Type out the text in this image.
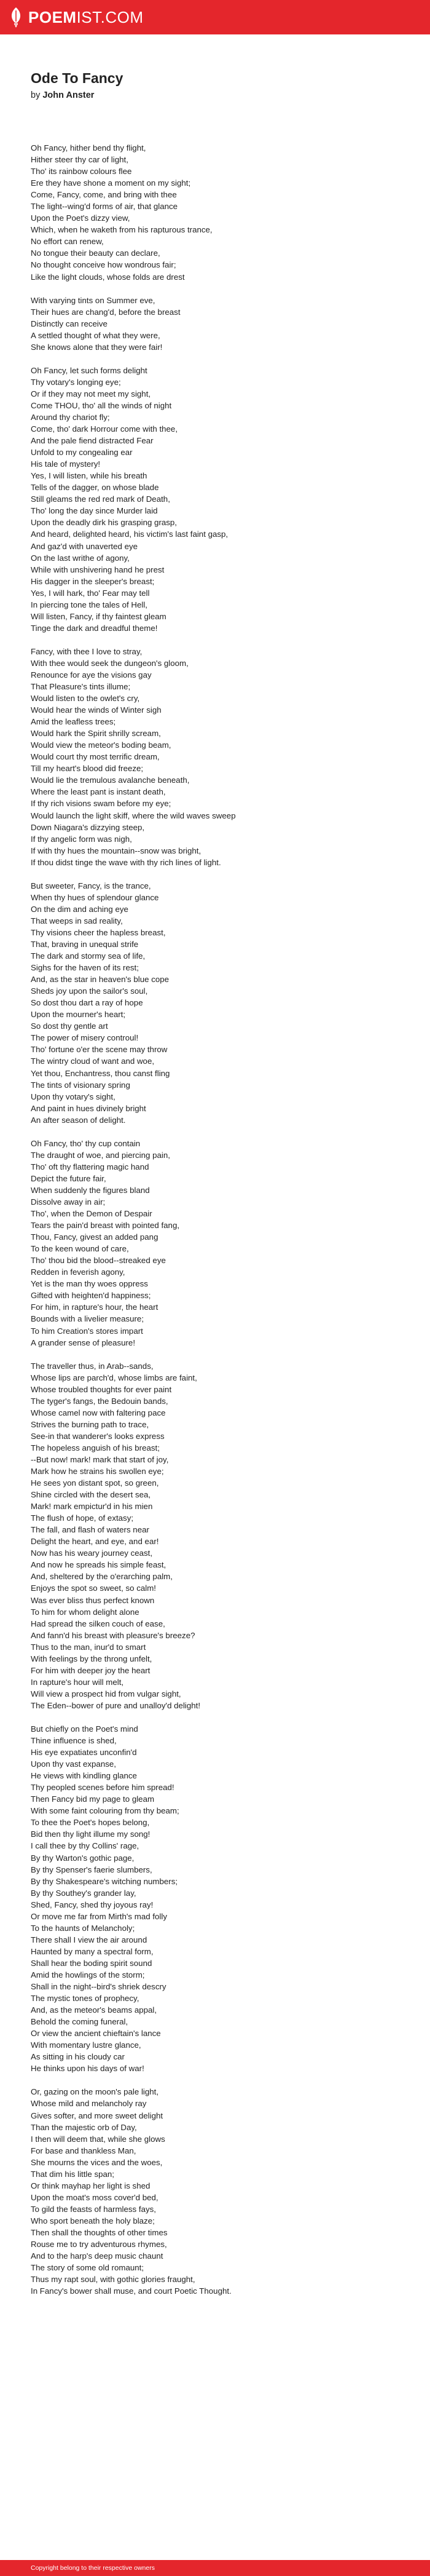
POEMIST.COM
Ode To Fancy
by John Anster
Oh Fancy, hither bend thy flight,
Hither steer thy car of light,
Tho' its rainbow colours flee
Ere they have shone a moment on my sight;
Come, Fancy, come, and bring with thee
The light--wing'd forms of air, that glance
Upon the Poet's dizzy view,
Which, when he waketh from his rapturous trance,
No effort can renew,
No tongue their beauty can declare,
No thought conceive how wondrous fair;
Like the light clouds, whose folds are drest
With varying tints on Summer eve,
Their hues are chang'd, before the breast
Distinctly can receive
A settled thought of what they were,
She knows alone that they were fair!
Oh Fancy, let such forms delight
Thy votary's longing eye;
Or if they may not meet my sight,
Come THOU, tho' all the winds of night
Around thy chariot fly;
Come, tho' dark Horrour come with thee,
And the pale fiend distracted Fear
Unfold to my congealing ear
His tale of mystery!
Yes, I will listen, while his breath
Tells of the dagger, on whose blade
Still gleams the red red mark of Death,
Tho' long the day since Murder laid
Upon the deadly dirk his grasping grasp,
And heard, delighted heard, his victim's last faint gasp,
And gaz'd with unaverted eye
On the last writhe of agony,
While with unshivering hand he prest
His dagger in the sleeper's breast;
Yes, I will hark, tho' Fear may tell
In piercing tone the tales of Hell,
Will listen, Fancy, if thy faintest gleam
Tinge the dark and dreadful theme!
Fancy, with thee I love to stray,
With thee would seek the dungeon's gloom,
Renounce for aye the visions gay
That Pleasure's tints illume;
Would listen to the owlet's cry,
Would hear the winds of Winter sigh
Amid the leafless trees;
Would hark the Spirit shrilly scream,
Would view the meteor's boding beam,
Would court thy most terrific dream,
Till my heart's blood did freeze;
Would lie the tremulous avalanche beneath,
Where the least pant is instant death,
If thy rich visions swam before my eye;
Would launch the light skiff, where the wild waves sweep
Down Niagara's dizzying steep,
If thy angelic form was nigh,
If with thy hues the mountain--snow was bright,
If thou didst tinge the wave with thy rich lines of light.
But sweeter, Fancy, is the trance,
When thy hues of splendour glance
On the dim and aching eye
That weeps in sad reality,
Thy visions cheer the hapless breast,
That, braving in unequal strife
The dark and stormy sea of life,
Sighs for the haven of its rest;
And, as the star in heaven's blue cope
Sheds joy upon the sailor's soul,
So dost thou dart a ray of hope
Upon the mourner's heart;
So dost thy gentle art
The power of misery controul!
Tho' fortune o'er the scene may throw
The wintry cloud of want and woe,
Yet thou, Enchantress, thou canst fling
The tints of visionary spring
Upon thy votary's sight,
And paint in hues divinely bright
An after season of delight.
Oh Fancy, tho' thy cup contain
The draught of woe, and piercing pain,
Tho' oft thy flattering magic hand
Depict the future fair,
When suddenly the figures bland
Dissolve away in air;
Tho', when the Demon of Despair
Tears the pain'd breast with pointed fang,
Thou, Fancy, givest an added pang
To the keen wound of care,
Tho' thou bid the blood--streaked eye
Redden in feverish agony,
Yet is the man thy woes oppress
Gifted with heighten'd happiness;
For him, in rapture's hour, the heart
Bounds with a livelier measure;
To him Creation's stores impart
A grander sense of pleasure!
The traveller thus, in Arab--sands,
Whose lips are parch'd, whose limbs are faint,
Whose troubled thoughts for ever paint
The tyger's fangs, the Bedouin bands,
Whose camel now with faltering pace
Strives the burning path to trace,
See-in that wanderer's looks express
The hopeless anguish of his breast;
--But now! mark! mark that start of joy,
Mark how he strains his swollen eye;
He sees yon distant spot, so green,
Shine circled with the desert sea,
Mark! mark empictur'd in his mien
The flush of hope, of extasy;
The fall, and flash of waters near
Delight the heart, and eye, and ear!
Now has his weary journey ceast,
And now he spreads his simple feast,
And, sheltered by the o'erarching palm,
Enjoys the spot so sweet, so calm!
Was ever bliss thus perfect known
To him for whom delight alone
Had spread the silken couch of ease,
And fann'd his breast with pleasure's breeze?
Thus to the man, inur'd to smart
With feelings by the throng unfelt,
For him with deeper joy the heart
In rapture's hour will melt,
Will view a prospect hid from vulgar sight,
The Eden--bower of pure and unalloy'd delight!
But chiefly on the Poet's mind
Thine influence is shed,
His eye expatiates unconfin'd
Upon thy vast expanse,
He views with kindling glance
Thy peopled scenes before him spread!
Then Fancy bid my page to gleam
With some faint colouring from thy beam;
To thee the Poet's hopes belong,
Bid then thy light illume my song!
I call thee by thy Collins' rage,
By thy Warton's gothic page,
By thy Spenser's faerie slumbers,
By thy Shakespeare's witching numbers;
By thy Southey's grander lay,
Shed, Fancy, shed thy joyous ray!
Or move me far from Mirth's mad folly
To the haunts of Melancholy;
There shall I view the air around
Haunted by many a spectral form,
Shall hear the boding spirit sound
Amid the howlings of the storm;
Shall in the night--bird's shriek descry
The mystic tones of prophecy,
And, as the meteor's beams appal,
Behold the coming funeral,
Or view the ancient chieftain's lance
With momentary lustre glance,
As sitting in his cloudy car
He thinks upon his days of war!
Or, gazing on the moon's pale light,
Whose mild and melancholy ray
Gives softer, and more sweet delight
Than the majestic orb of Day,
I then will deem that, while she glows
For base and thankless Man,
She mourns the vices and the woes,
That dim his little span;
Or think mayhap her light is shed
Upon the moat's moss cover'd bed,
To gild the feasts of harmless fays,
Who sport beneath the holy blaze;
Then shall the thoughts of other times
Rouse me to try adventurous rhymes,
And to the harp's deep music chaunt
The story of some old romaunt;
Thus my rapt soul, with gothic glories fraught,
In Fancy's bower shall muse, and court Poetic Thought.
Copyright belong to their respective owners
